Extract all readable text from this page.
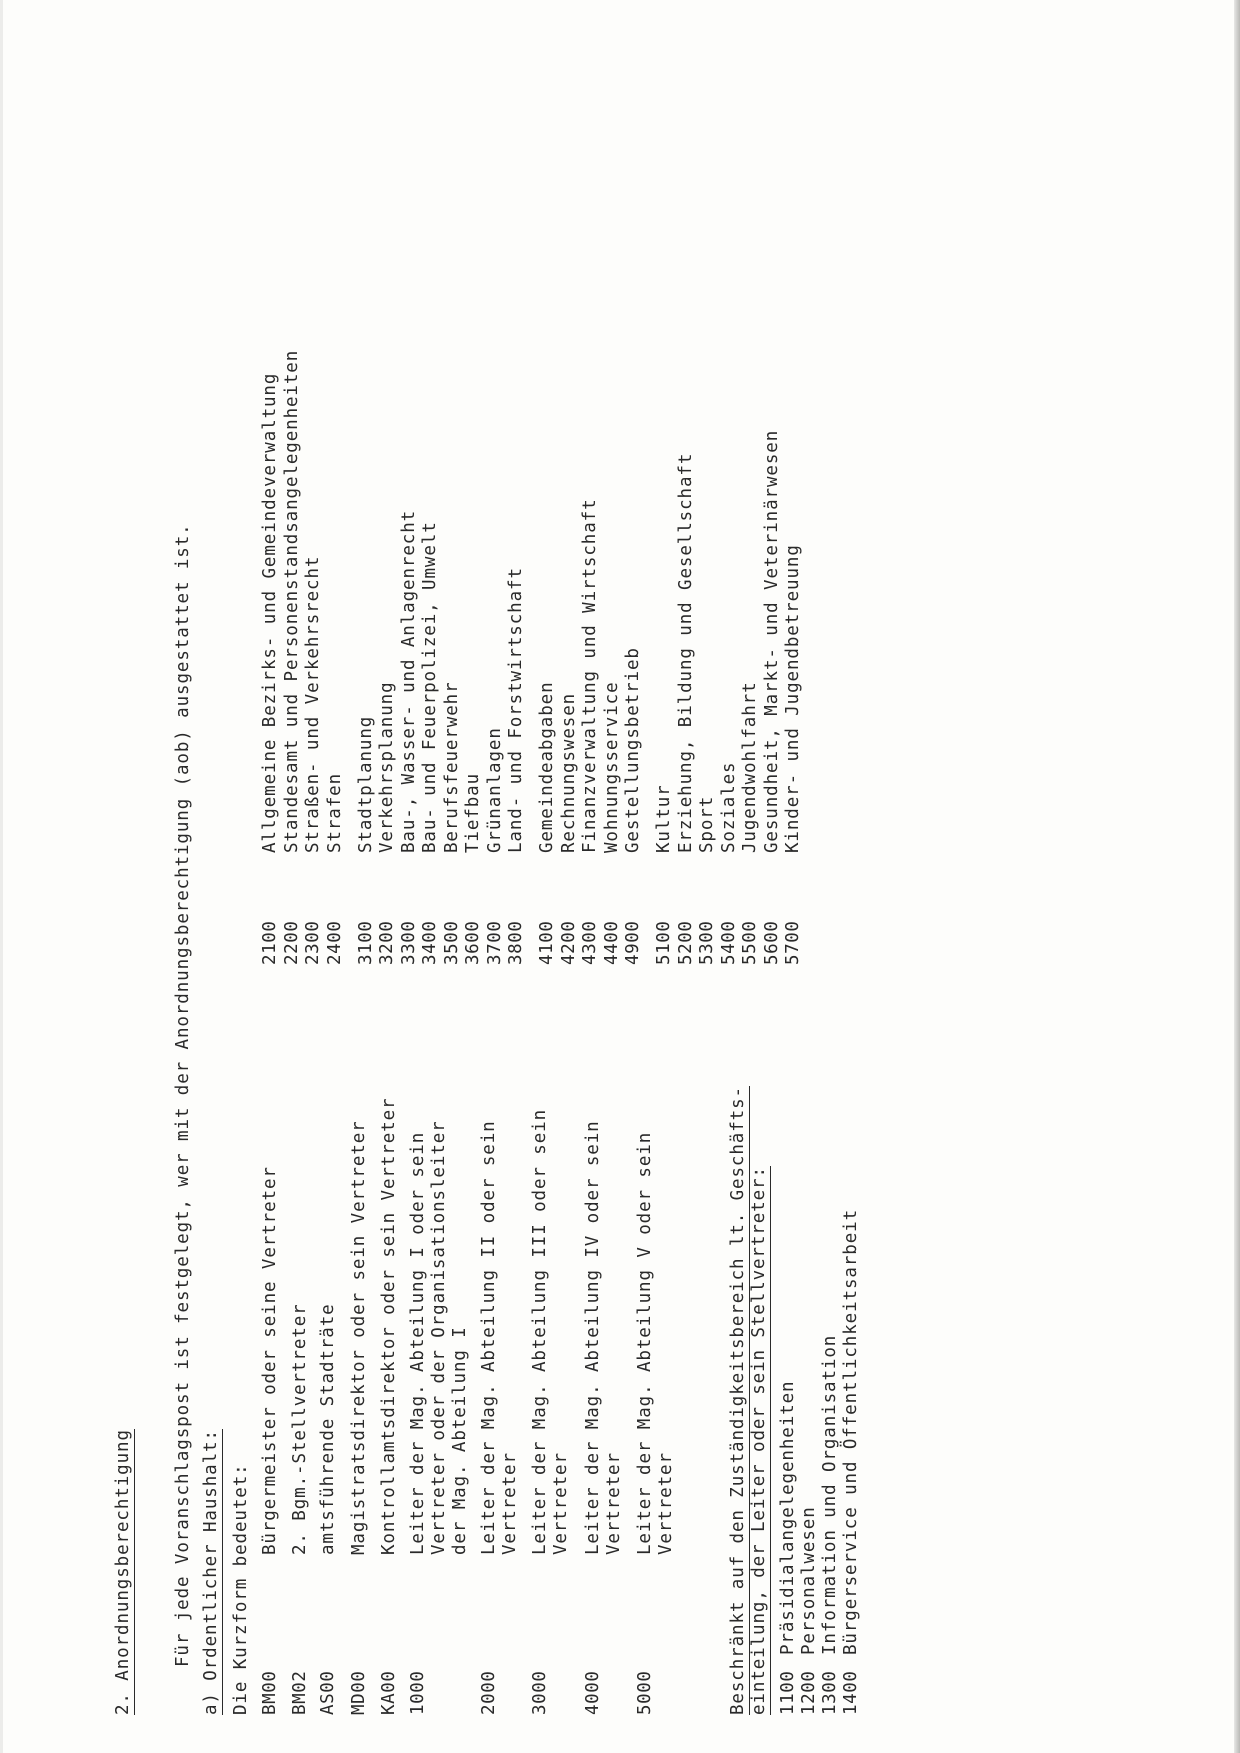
2. Anordnungsberechtigung Für jede Voranschlagspost ist festgelegt, wer mit der Anordnungsberechtigung (aob) ausgestattet ist. a) Ordentlicher Haushalt: Die Kurzform bedeutet: BM00
Bürgermeister oder seine Vertreter
BM02
2. Bgm.-Stellvertreter
AS00
amtsführende Stadträte
MD00
Magistratsdirektor oder sein Vertreter
KA00
Kontrollamtsdirektor oder sein Vertreter
1000
Leiter der Mag. Abteilung I oder sein Vertreter oder der Organisationsleiter der Mag. Abteilung I
2000
Leiter der Mag. Abteilung II oder sein Vertreter
3000
Leiter der Mag. Abteilung III oder sein Vertreter
4000
Leiter der Mag. Abteilung IV oder sein Vertreter
5000
Leiter der Mag. Abteilung V oder sein Vertreter	Beschränkt auf den Zuständigkeitsbereich lt. Geschäfts- einteilung, der Leiter oder sein Stellvertreter: 1100
Präsidialangelegenheiten
1200
Personalwesen
1300
Information und Organisation
1400
Bürgerservice und Öffentlichkeitsarbeit
2100
Allgemeine Bezirks- und Gemeindeverwaltung
2200
Standesamt und Personenstandsangelegenheiten
2300
Straßen- und Verkehrsrecht
2400
Strafen
3100
Stadtplanung
3200
Verkehrsplanung
3300
Bau-, Wasser- und Anlagenrecht
3400
Bau- und Feuerpolizei, Umwelt
3500
Berufsfeuerwehr
3600
Tiefbau
3700
Grünanlagen
3800
Land- und Forstwirtschaft
4100
Gemeindeabgaben
4200
Rechnungswesen
4300
Finanzverwaltung und Wirtschaft
4400
Wohnungsservice
4900
Gestellungsbetrieb
5100
Kultur
5200
Erziehung, Bildung und Gesellschaft
5300
Sport
5400
Soziales
5500
Jugendwohlfahrt
5600
Gesundheit, Markt- und Veterinärwesen
5700
Kinder- und Jugendbetreuung
